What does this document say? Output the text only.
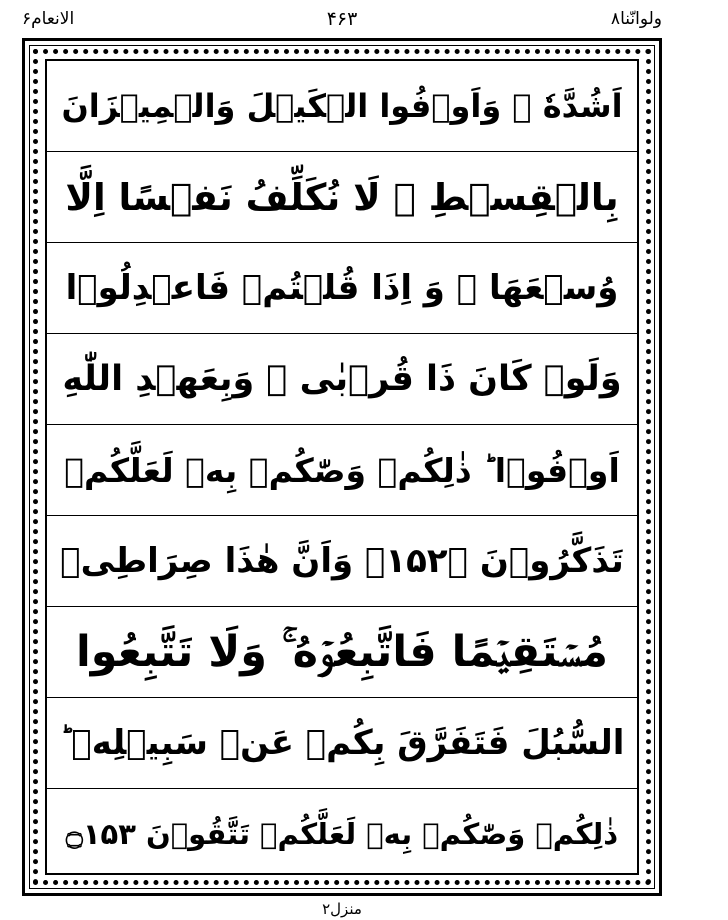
ولوانّنا۸
۴۶۳
الانعام۶
اَشُدَّهٗ ۚ وَاَوۡفُوا الۡكَيۡلَ وَالۡمِيۡزَانَ
بِالۡقِسۡطِ ۚ لَا نُكَلِّفُ نَفۡسًا اِلَّا
وُسۡعَهَا ۚ وَ اِذَا قُلۡتُمۡ فَاعۡدِلُوۡا
وَلَوۡ كَانَ ذَا قُرۡبٰى ۚ وَبِعَهۡدِ اللّٰهِ
اَوۡفُوۡا ؕ ذٰلِكُمۡ وَصّٰكُمۡ بِهٖ لَعَلَّكُمۡ
تَذَكَّرُوۡنَ ۝۱۵۲ۙ وَاَنَّ هٰذَا صِرَاطِىۡ
مُسۡتَقِيۡمًا فَاتَّبِعُوۡهُ ۚ وَلَا تَتَّبِعُوا
السُّبُلَ فَتَفَرَّقَ بِكُمۡ عَنۡ سَبِيۡلِهٖ ؕ
ذٰلِكُمۡ وَصّٰكُمۡ بِهٖ لَعَلَّكُمۡ تَتَّقُوۡنَ ۝۱۵۳
منزل۲
